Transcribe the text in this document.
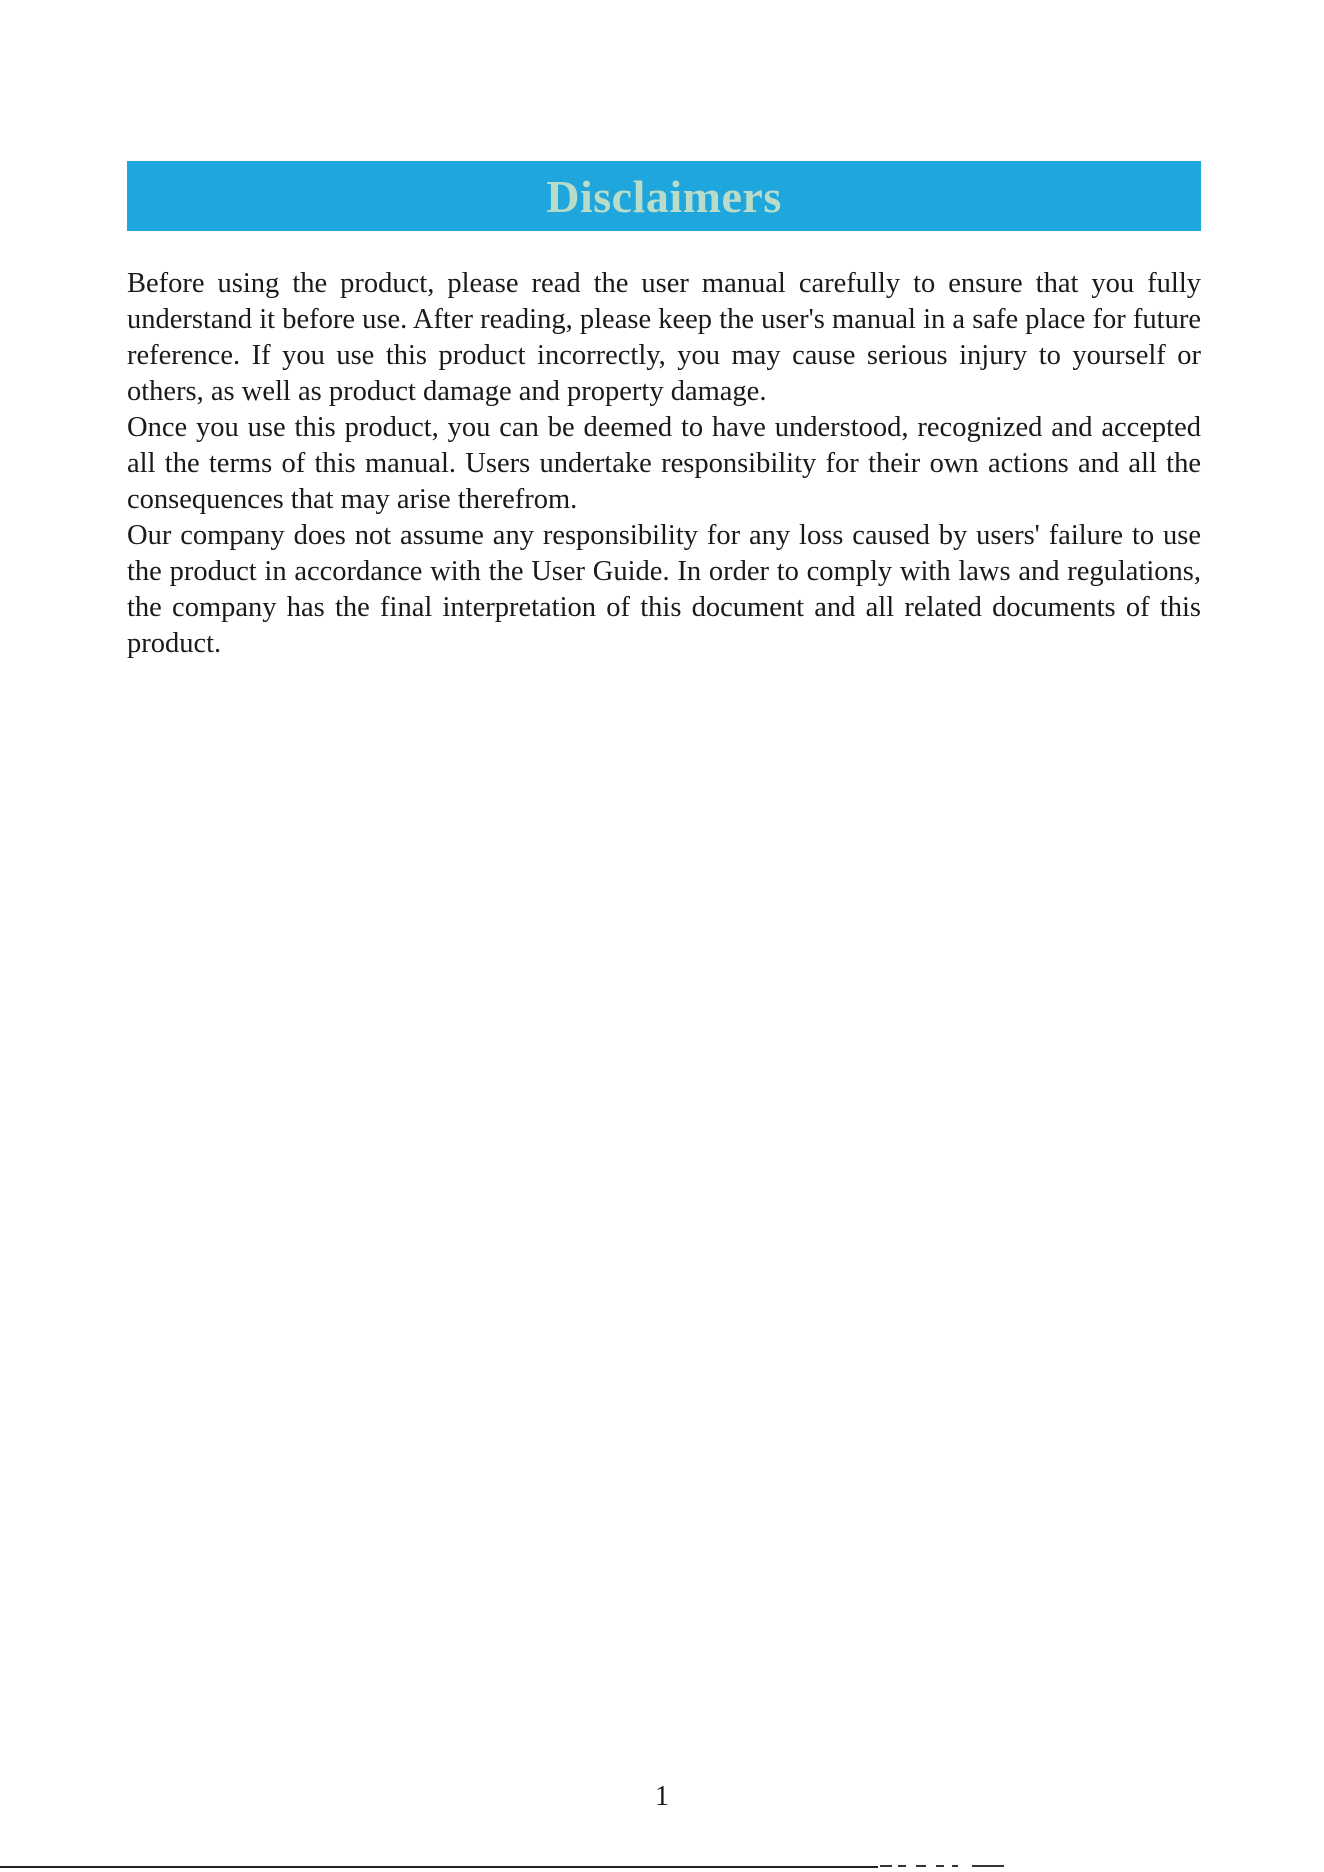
Disclaimers

Before using the product, please read the user manual carefully to ensure that you fully understand it before use. After reading, please keep the user's manual in a safe place for future reference. If you use this product incorrectly, you may cause serious injury to yourself or others, as well as product damage and property damage.

Once you use this product, you can be deemed to have understood, recognized and accepted all the terms of this manual. Users undertake responsibility for their own actions and all the consequences that may arise therefrom.

Our company does not assume any responsibility for any loss caused by users' failure to use the product in accordance with the User Guide. In order to comply with laws and regulations, the company has the final interpretation of this document and all related documents of this product.

1
